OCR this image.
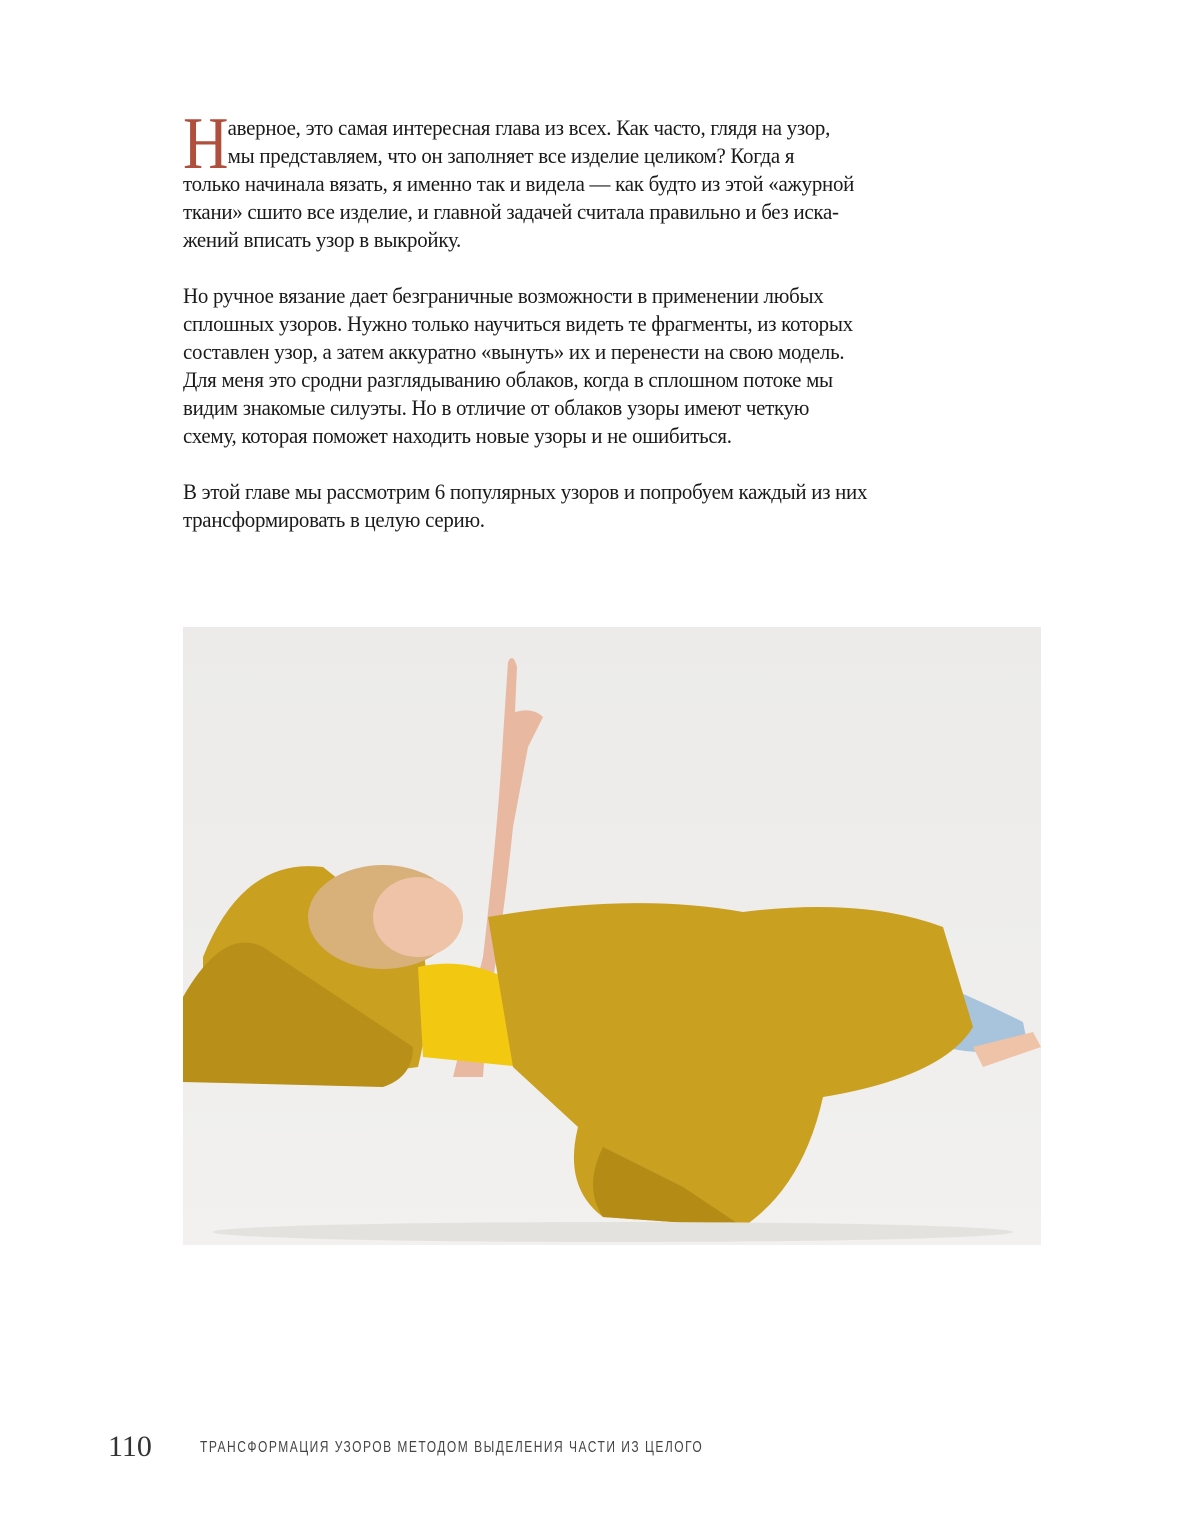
Н аверное, это самая интересная глава из всех. Как часто, глядя на узор,
мы представляем, что он заполняет все изделие целиком? Когда я
только начинала вязать, я именно так и видела — как будто из этой «ажурной
ткани» сшито все изделие, и главной задачей считала правильно и без иска-
жений вписать узор в выкройку.
Но ручное вязание дает безграничные возможности в применении любых
сплошных узоров. Нужно только научиться видеть те фрагменты, из которых
составлен узор, а затем аккуратно «вынуть» их и перенести на свою модель.
Для меня это сродни разглядыванию облаков, когда в сплошном потоке мы
видим знакомые силуэты. Но в отличие от облаков узоры имеют четкую
схему, которая поможет находить новые узоры и не ошибиться.
В этой главе мы рассмотрим 6 популярных узоров и попробуем каждый из них
трансформировать в целую серию.
110	ТРАНСФОРМАЦИЯ УЗОРОВ МЕТОДОМ ВЫДЕЛЕНИЯ ЧАСТИ ИЗ ЦЕЛОГО
